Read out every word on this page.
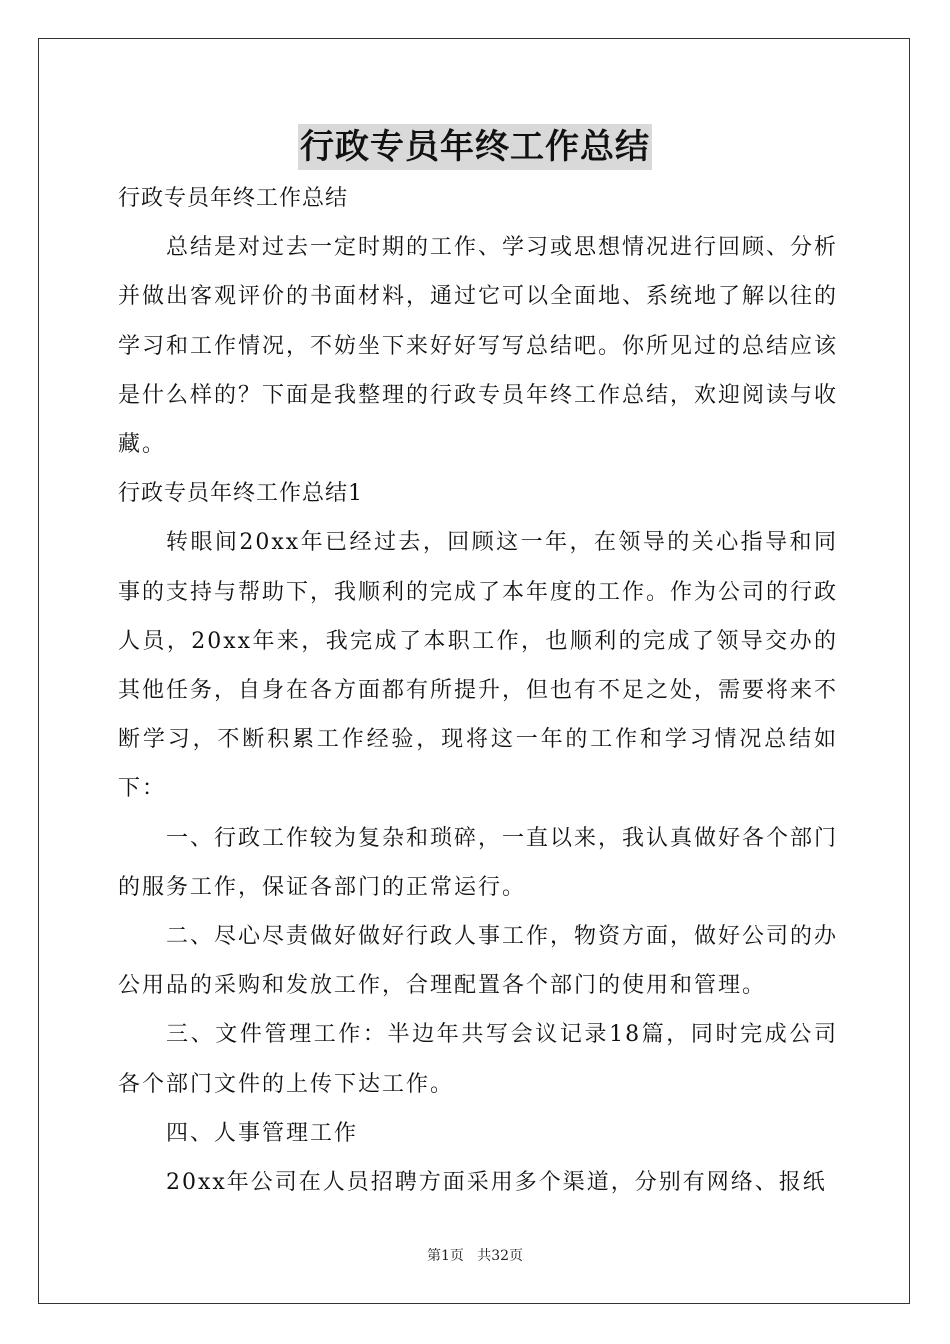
行政专员年终工作总结

行政专员年终工作总结

总结是对过去一定时期的工作、学习或思想情况进行回顾、分析并做出客观评价的书面材料，通过它可以全面地、系统地了解以往的学习和工作情况，不妨坐下来好好写写总结吧。你所见过的总结应该是什么样的？下面是我整理的行政专员年终工作总结，欢迎阅读与收藏。

行政专员年终工作总结1

转眼间20xx年已经过去，回顾这一年，在领导的关心指导和同事的支持与帮助下，我顺利的完成了本年度的工作。作为公司的行政人员，20xx年来，我完成了本职工作，也顺利的完成了领导交办的其他任务，自身在各方面都有所提升，但也有不足之处，需要将来不断学习，不断积累工作经验，现将这一年的工作和学习情况总结如下：

一、行政工作较为复杂和琐碎，一直以来，我认真做好各个部门的服务工作，保证各部门的正常运行。

二、尽心尽责做好做好行政人事工作，物资方面，做好公司的办公用品的采购和发放工作，合理配置各个部门的使用和管理。

三、文件管理工作：半边年共写会议记录18篇，同时完成公司各个部门文件的上传下达工作。

四、人事管理工作

20xx年公司在人员招聘方面采用多个渠道，分别有网络、报纸

第1页   共32页
